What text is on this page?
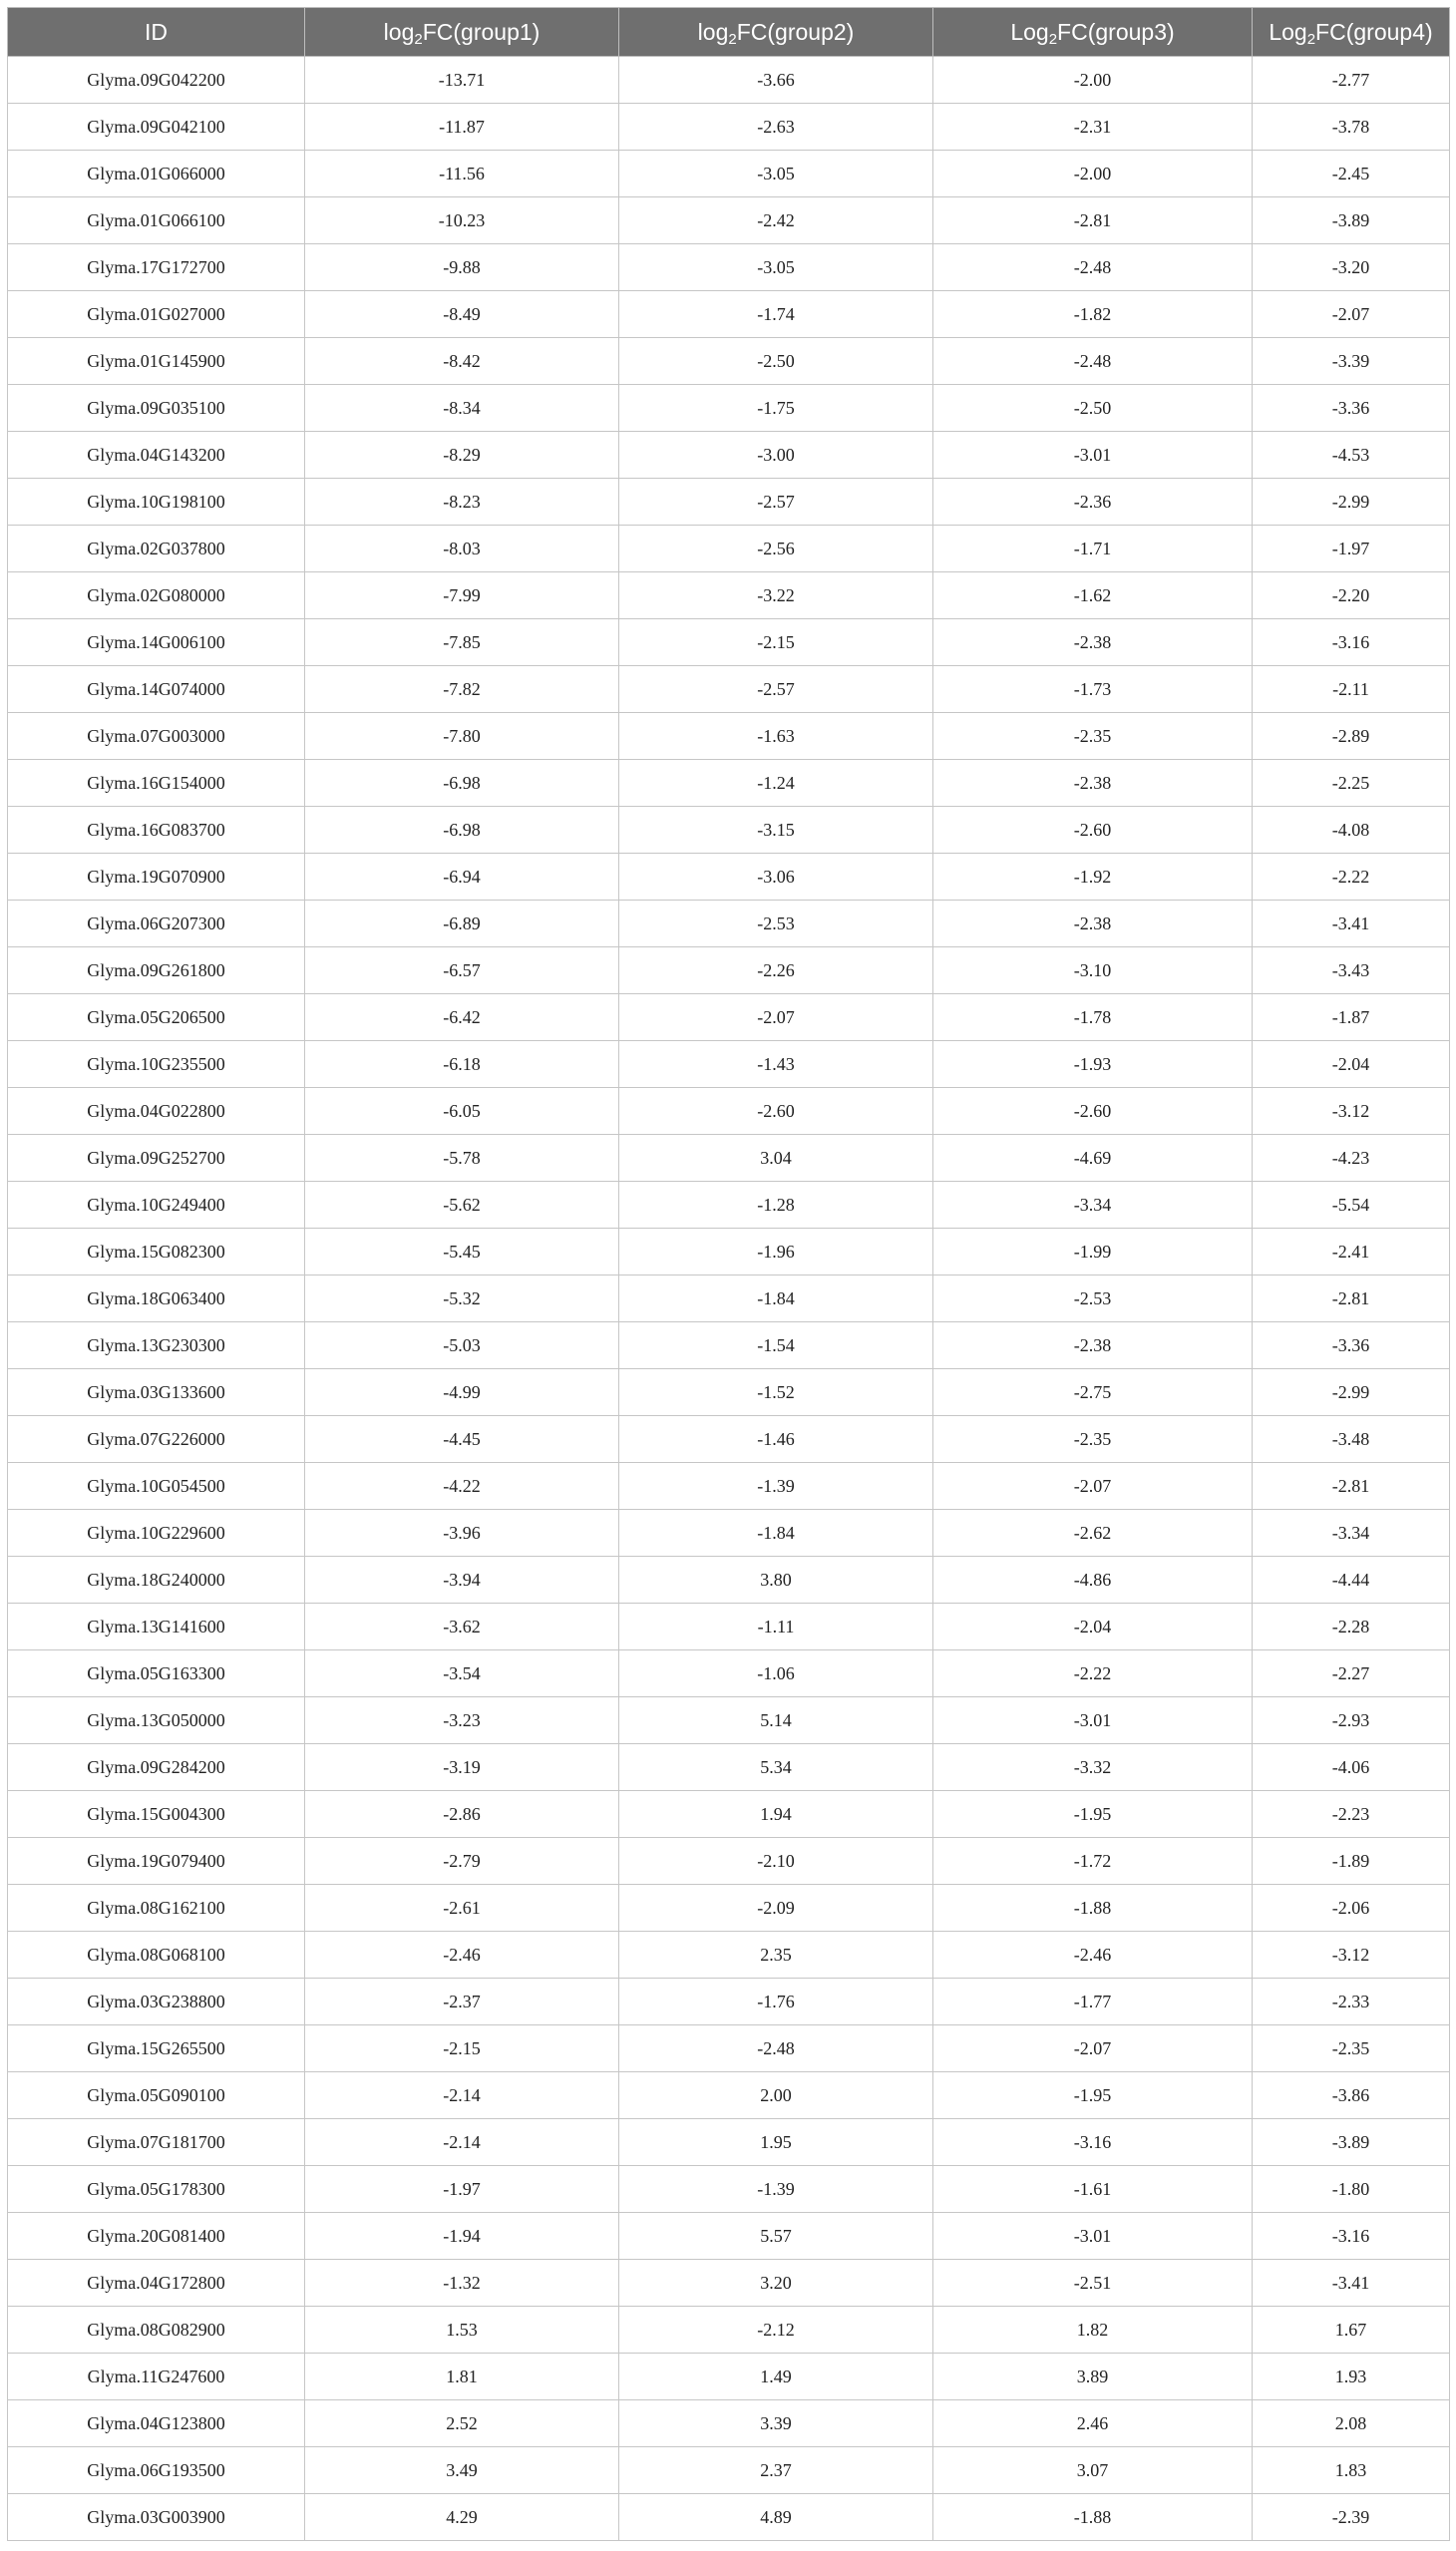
ID	$\log_2FC(group1)$	$\log_2FC(group2)$	Log$_2$FC(group3)	Log$_2$FC(group4)
Glyma.09G042200	-13.71	-3.66	-2.00	-2.77
Glyma.09G042100	-11.87	-2.63	-2.31	-3.78
Glyma.01G066000	-11.56	-3.05	-2.00	-2.45
Glyma.01G066100	-10.23	-2.42	-2.81	-3.89
Glyma.17G172700	-9.88	-3.05	-2.48	-3.20
Glyma.01G027000	-8.49	-1.74	-1.82	-2.07
Glyma.01G145900	-8.42	-2.50	-2.48	-3.39
Glyma.09G035100	-8.34	-1.75	-2.50	-3.36
Glyma.04G143200	-8.29	-3.00	-3.01	-4.53
Glyma.10G198100	-8.23	-2.57	-2.36	-2.99
Glyma.02G037800	-8.03	-2.56	-1.71	-1.97
Glyma.02G080000	-7.99	-3.22	-1.62	-2.20
Glyma.14G006100	-7.85	-2.15	-2.38	-3.16
Glyma.14G074000	-7.82	-2.57	-1.73	-2.11
Glyma.07G003000	-7.80	-1.63	-2.35	-2.89
Glyma.16G154000	-6.98	-1.24	-2.38	-2.25
Glyma.16G083700	-6.98	-3.15	-2.60	-4.08
Glyma.19G070900	-6.94	-3.06	-1.92	-2.22
Glyma.06G207300	-6.89	-2.53	-2.38	-3.41
Glyma.09G261800	-6.57	-2.26	-3.10	-3.43
Glyma.05G206500	-6.42	-2.07	-1.78	-1.87
Glyma.10G235500	-6.18	-1.43	-1.93	-2.04
Glyma.04G022800	-6.05	-2.60	-2.60	-3.12
Glyma.09G252700	-5.78	3.04	-4.69	-4.23
Glyma.10G249400	-5.62	-1.28	-3.34	-5.54
Glyma.15G082300	-5.45	-1.96	-1.99	-2.41
Glyma.18G063400	-5.32	-1.84	-2.53	-2.81
Glyma.13G230300	-5.03	-1.54	-2.38	-3.36
Glyma.03G133600	-4.99	-1.52	-2.75	-2.99
Glyma.07G226000	-4.45	-1.46	-2.35	-3.48
Glyma.10G054500	-4.22	-1.39	-2.07	-2.81
Glyma.10G229600	-3.96	-1.84	-2.62	-3.34
Glyma.18G240000	-3.94	3.80	-4.86	-4.44
Glyma.13G141600	-3.62	-1.11	-2.04	-2.28
Glyma.05G163300	-3.54	-1.06	-2.22	-2.27
Glyma.13G050000	-3.23	5.14	-3.01	-2.93
Glyma.09G284200	-3.19	5.34	-3.32	-4.06
Glyma.15G004300	-2.86	1.94	-1.95	-2.23
Glyma.19G079400	-2.79	-2.10	-1.72	-1.89
Glyma.08G162100	-2.61	-2.09	-1.88	-2.06
Glyma.08G068100	-2.46	2.35	-2.46	-3.12
Glyma.03G238800	-2.37	-1.76	-1.77	-2.33
Glyma.15G265500	-2.15	-2.48	-2.07	-2.35
Glyma.05G090100	-2.14	2.00	-1.95	-3.86
Glyma.07G181700	-2.14	1.95	-3.16	-3.89
Glyma.05G178300	-1.97	-1.39	-1.61	-1.80
Glyma.20G081400	-1.94	5.57	-3.01	-3.16
Glyma.04G172800	-1.32	3.20	-2.51	-3.41
Glyma.08G082900	1.53	-2.12	1.82	1.67
Glyma.11G247600	1.81	1.49	3.89	1.93
Glyma.04G123800	2.52	3.39	2.46	2.08
Glyma.06G193500	3.49	2.37	3.07	1.83
Glyma.03G003900	4.29	4.89	-1.88	-2.39
